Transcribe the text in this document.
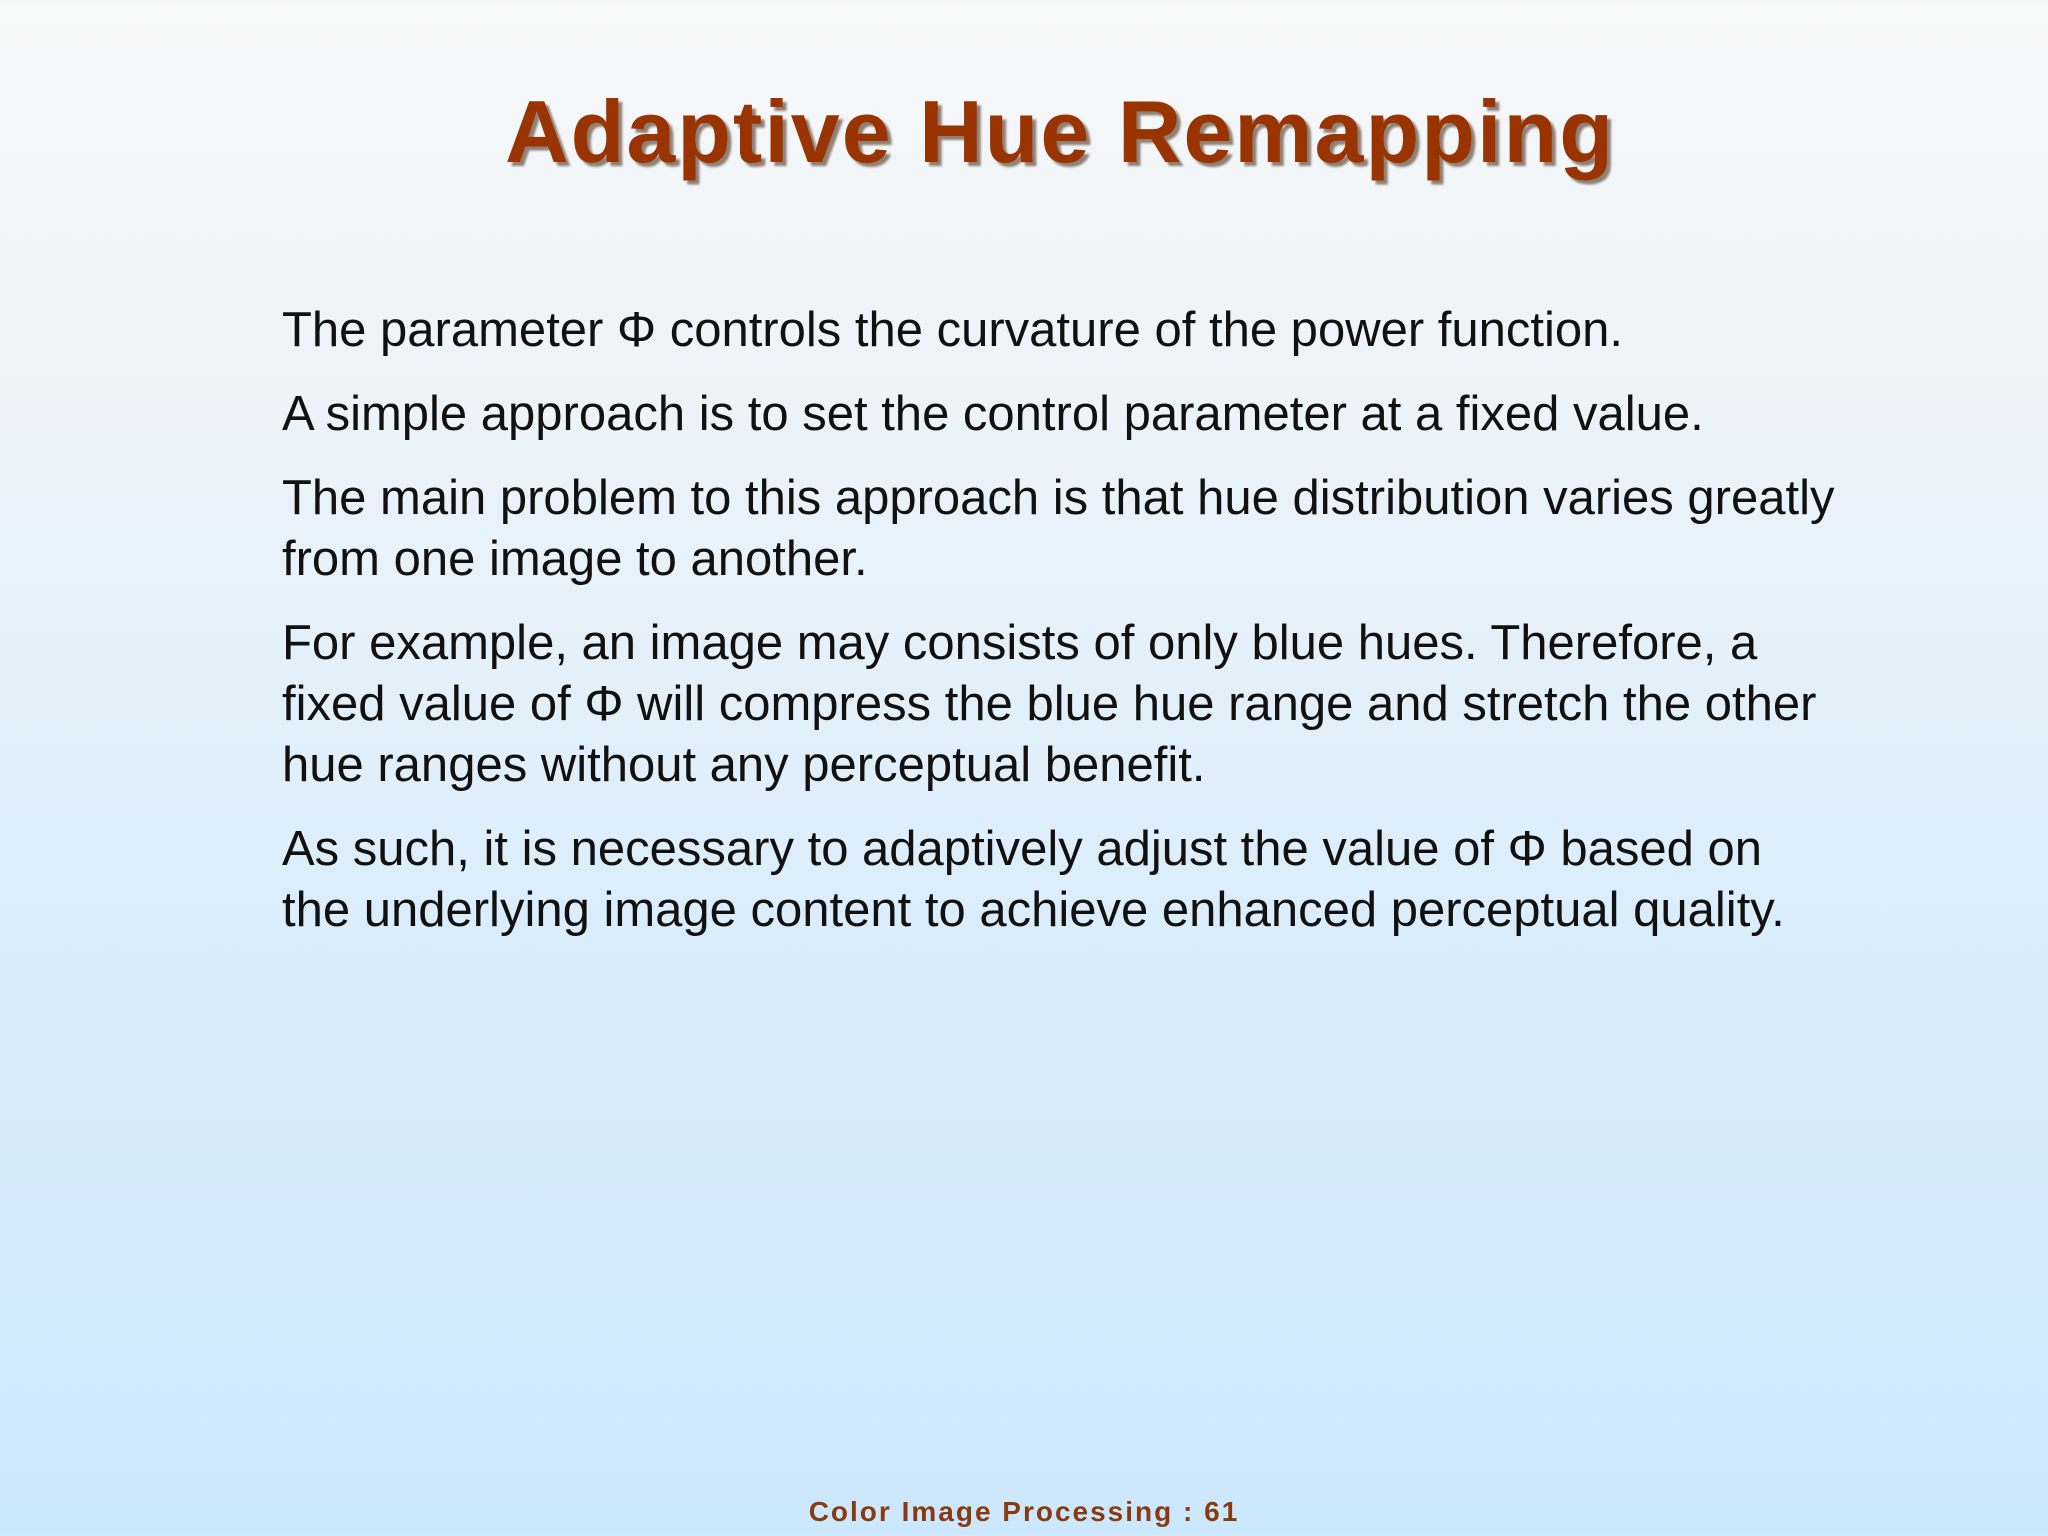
Adaptive Hue Remapping
The parameter Φ controls the curvature of the power function.
A simple approach is to set the control parameter at a fixed value.
The main problem to this approach is that hue distribution varies greatly from one image to another.
For example, an image may consists of only blue hues. Therefore, a fixed value of Φ will compress the blue hue range and stretch the other hue ranges without any perceptual benefit.
As such, it is necessary to adaptively adjust the value of Φ based on the underlying image content to achieve enhanced perceptual quality.
Color Image Processing : 61
